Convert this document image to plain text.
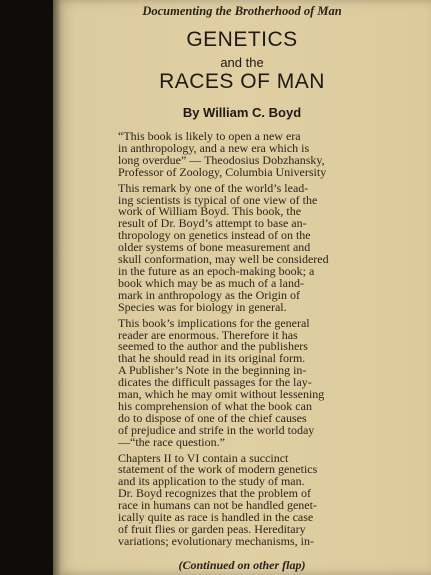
Documenting the Brotherhood of Man
GENETICS
and the
RACES OF MAN
By William C. Boyd

“This book is likely to open a new era
in anthropology, and a new era which is
long overdue” — Theodosius Dobzhansky,
Professor of Zoology, Columbia University

This remark by one of the world’s lead-
ing scientists is typical of one view of the
work of William Boyd. This book, the
result of Dr. Boyd’s attempt to base an-
thropology on genetics instead of on the
older systems of bone measurement and
skull conformation, may well be considered
in the future as an epoch-making book; a
book which may be as much of a land-
mark in anthropology as the Origin of
Species was for biology in general.

This book’s implications for the general
reader are enormous. Therefore it has
seemed to the author and the publishers
that he should read in its original form.
A Publisher’s Note in the beginning in-
dicates the difficult passages for the lay-
man, which he may omit without lessening
his comprehension of what the book can
do to dispose of one of the chief causes
of prejudice and strife in the world today
—“the race question.”

Chapters II to VI contain a succinct
statement of the work of modern genetics
and its application to the study of man.
Dr. Boyd recognizes that the problem of
race in humans can not be handled genet-
ically quite as race is handled in the case
of fruit flies or garden peas. Hereditary
variations; evolutionary mechanisms, in-

(Continued on other flap)
